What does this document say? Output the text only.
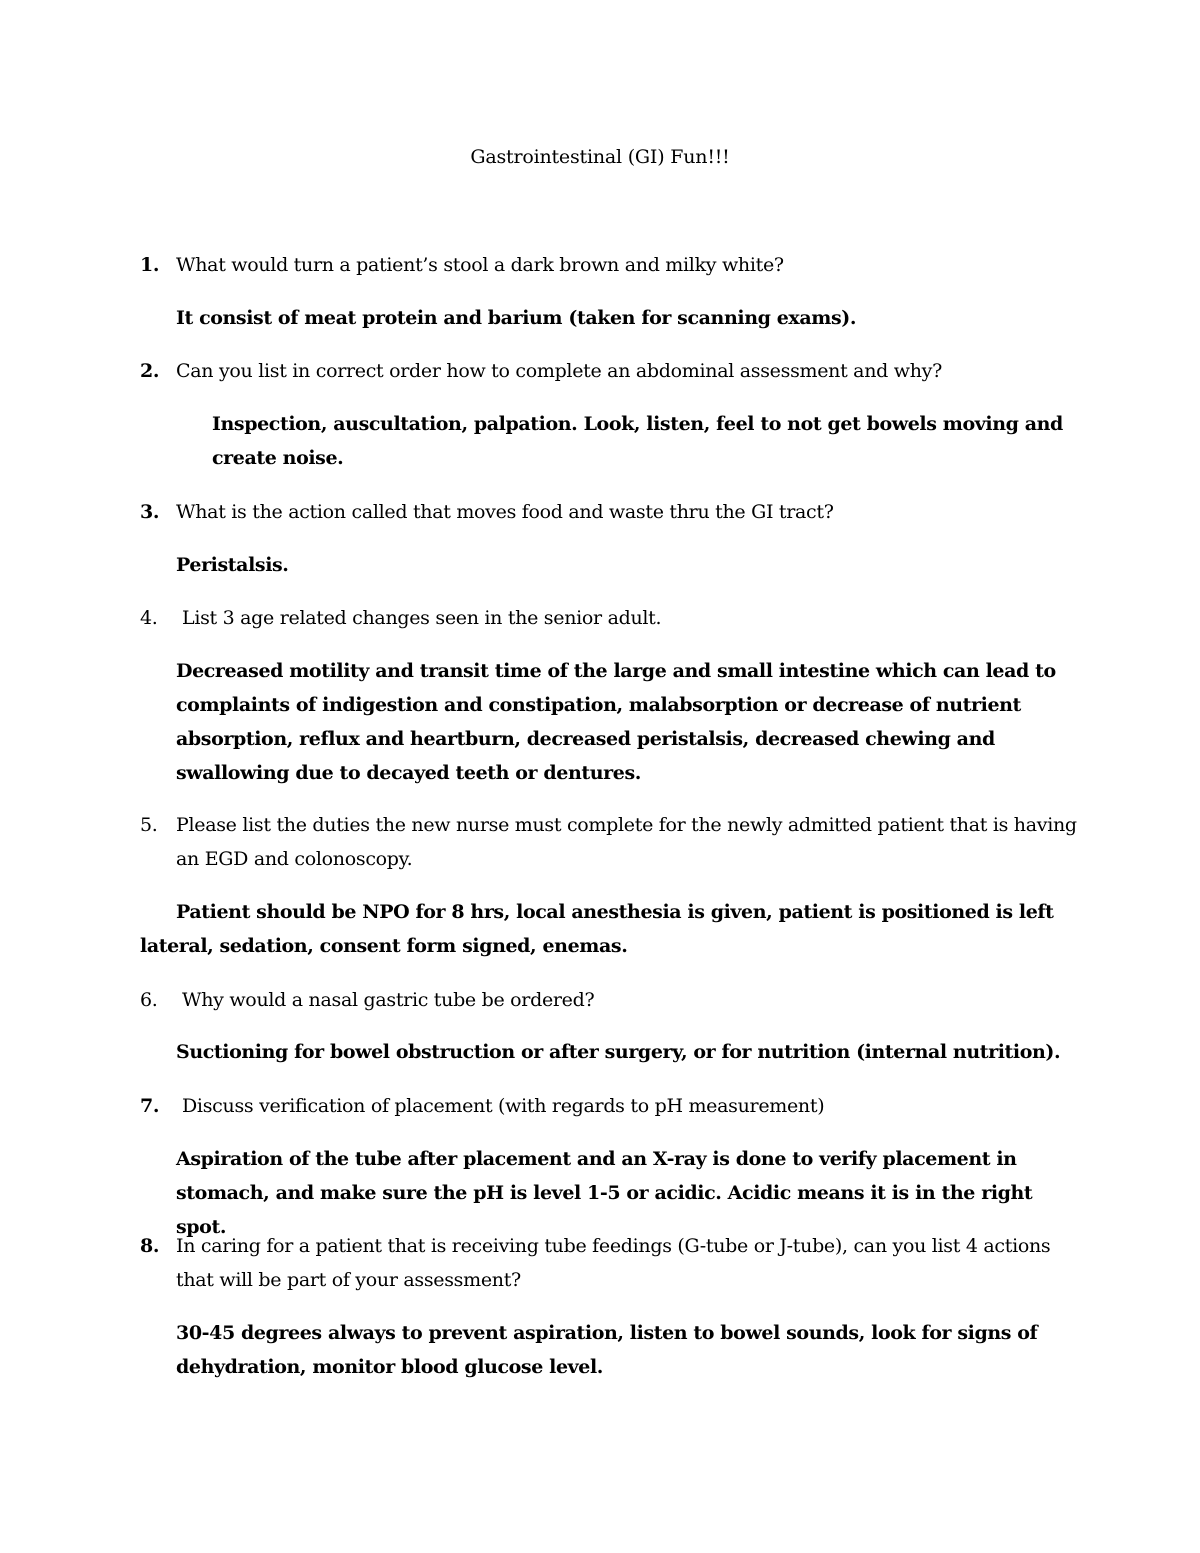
Gastrointestinal (GI) Fun!!!
1. What would turn a patient’s stool a dark brown and milky white?
It consist of meat protein and barium (taken for scanning exams).
2. Can you list in correct order how to complete an abdominal assessment and why?
Inspection, auscultation, palpation. Look, listen, feel to not get bowels moving and create noise.
3. What is the action called that moves food and waste thru the GI tract?
Peristalsis.
4. List 3 age related changes seen in the senior adult.
Decreased motility and transit time of the large and small intestine which can lead to complaints of indigestion and constipation, malabsorption or decrease of nutrient absorption, reflux and heartburn, decreased peristalsis, decreased chewing and swallowing due to decayed teeth or dentures.
5. Please list the duties the new nurse must complete for the newly admitted patient that is having an EGD and colonoscopy.
Patient should be NPO for 8 hrs, local anesthesia is given, patient is positioned is left lateral, sedation, consent form signed, enemas.
6. Why would a nasal gastric tube be ordered?
Suctioning for bowel obstruction or after surgery, or for nutrition (internal nutrition).
7. Discuss verification of placement (with regards to pH measurement)
Aspiration of the tube after placement and an X-ray is done to verify placement in stomach, and make sure the pH is level 1-5 or acidic. Acidic means it is in the right spot.
8. In caring for a patient that is receiving tube feedings (G-tube or J-tube), can you list 4 actions that will be part of your assessment?
30-45 degrees always to prevent aspiration, listen to bowel sounds, look for signs of dehydration, monitor blood glucose level.
